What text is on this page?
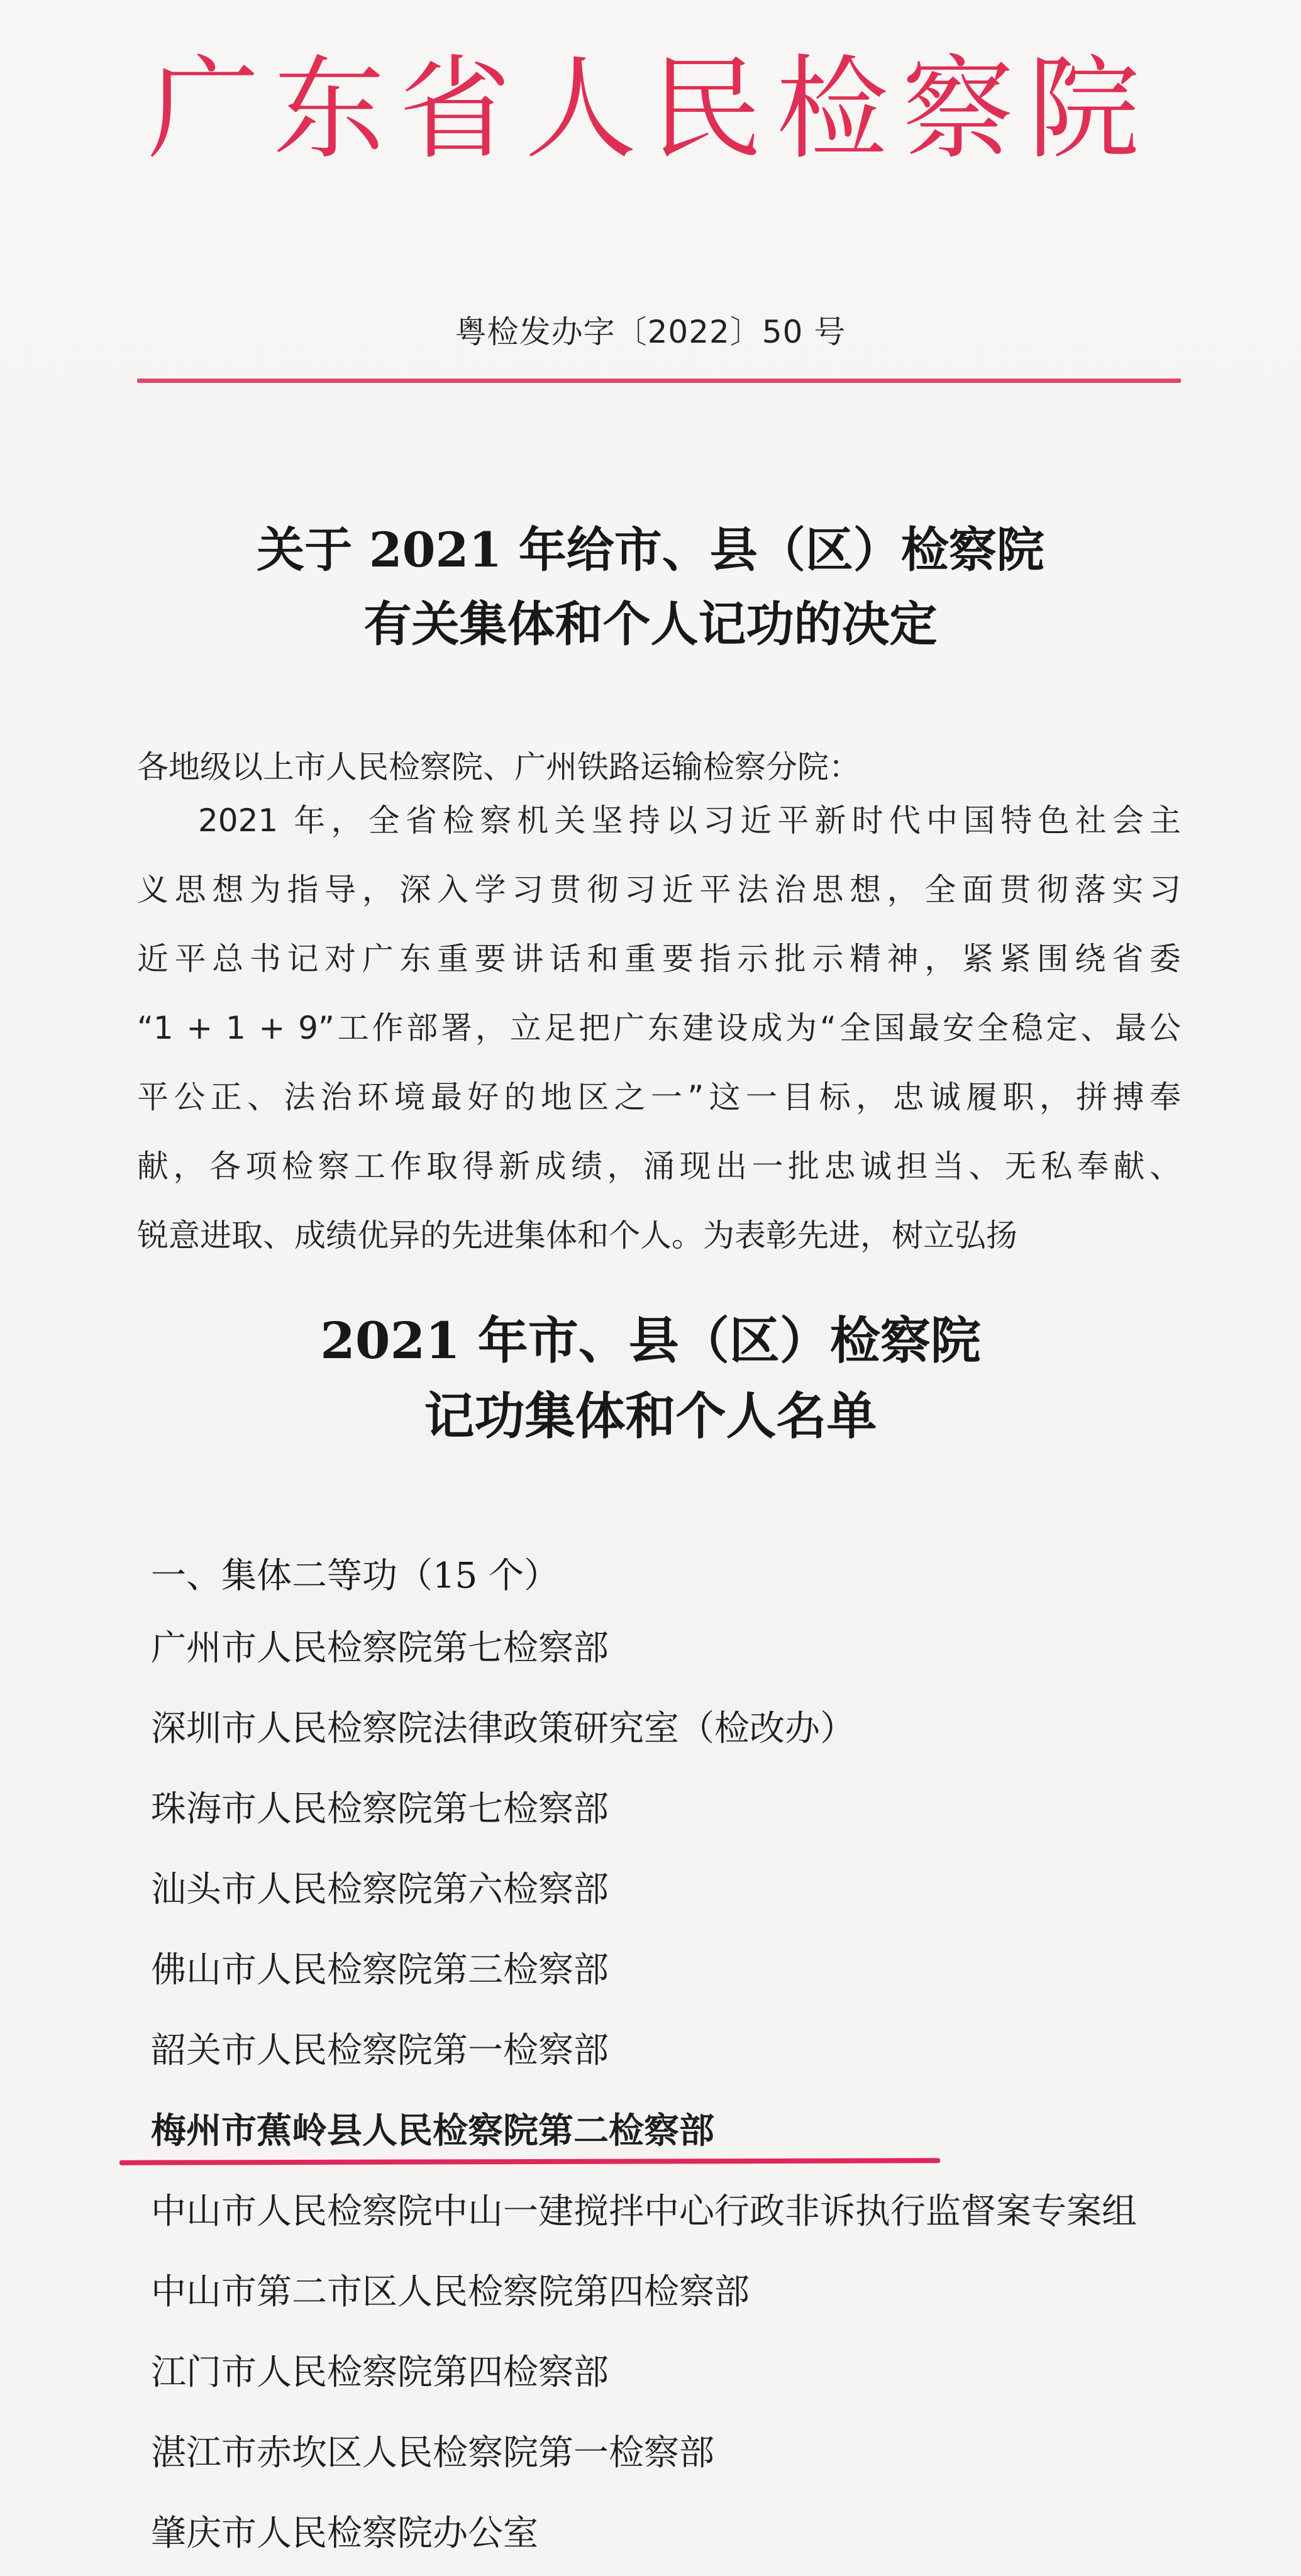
广东省人民检察院
粤检发办字〔2022〕50 号
关于 2021 年给市、县（区）检察院
有关集体和个人记功的决定
各地级以上市人民检察院、广州铁路运输检察分院：
2021 年，全省检察机关坚持以习近平新时代中国特色社会主
义思想为指导，深入学习贯彻习近平法治思想，全面贯彻落实习
近平总书记对广东重要讲话和重要指示批示精神，紧紧围绕省委
“1 + 1 + 9”工作部署，立足把广东建设成为“全国最安全稳定、最公
平公正、法治环境最好的地区之一”这一目标，忠诚履职，拼搏奉
献，各项检察工作取得新成绩，涌现出一批忠诚担当、无私奉献、
锐意进取、成绩优异的先进集体和个人。为表彰先进，树立弘扬
2021 年市、县（区）检察院
记功集体和个人名单
一、集体二等功（15 个）
广州市人民检察院第七检察部
深圳市人民检察院法律政策研究室（检改办）
珠海市人民检察院第七检察部
汕头市人民检察院第六检察部
佛山市人民检察院第三检察部
韶关市人民检察院第一检察部
梅州市蕉岭县人民检察院第二检察部
中山市人民检察院中山一建搅拌中心行政非诉执行监督案专案组
中山市第二市区人民检察院第四检察部
江门市人民检察院第四检察部
湛江市赤坎区人民检察院第一检察部
肇庆市人民检察院办公室
